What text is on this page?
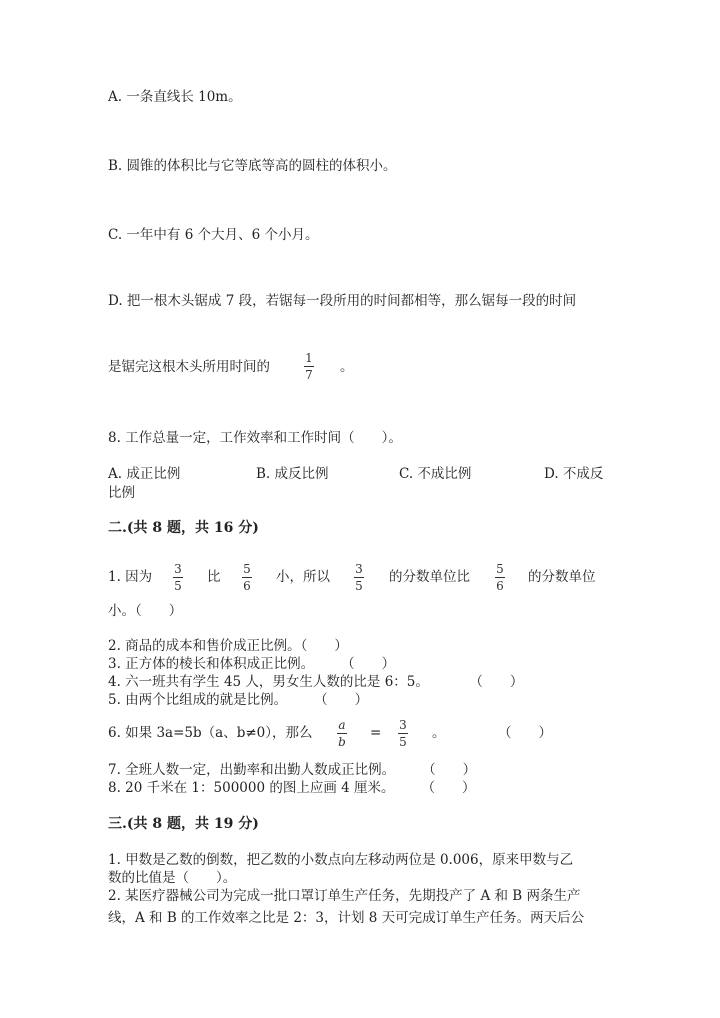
A. 一条直线长 10m。
B. 圆锥的体积比与它等底等高的圆柱的体积小。
C. 一年中有 6 个大月、6 个小月。
D. 把一根木头锯成 7 段，若锯每一段所用的时间都相等，那么锯每一段的时间
是锯完这根木头所用时间的
1
7 。
8. 工作总量一定，工作效率和工作时间（　　）。
A. 成正比例	B. 成反比例	C. 不成比例	D. 不成反
比例
二.(共 8 题，共 16 分)
1. 因为 3
5
比 5
6
小，所以 3
5
的分数单位比 5
6
的分数单位
小。（　　）
2. 商品的成本和售价成正比例。（　　）
3. 正方体的棱长和体积成正比例。　　　（　　）
4. 六一班共有学生 45 人，男女生人数的比是 6：5。　　　　（　　）
5. 由两个比组成的就是比例。　　　（　　）
6. 如果 3a=5b（a、b≠0），那么 a
b
= 3
5
。	（　　）
7. 全班人数一定，出勤率和出勤人数成正比例。　　　（　　）
8. 20 千米在 1：500000 的图上应画 4 厘米。　　　（　　）
三.(共 8 题，共 19 分)
1. 甲数是乙数的倒数，把乙数的小数点向左移动两位是 0.006，原来甲数与乙
数的比值是（　　）。
2. 某医疗器械公司为完成一批口罩订单生产任务，先期投产了 A 和 B 两条生产
线，A 和 B 的工作效率之比是 2：3，计划 8 天可完成订单生产任务。两天后公
